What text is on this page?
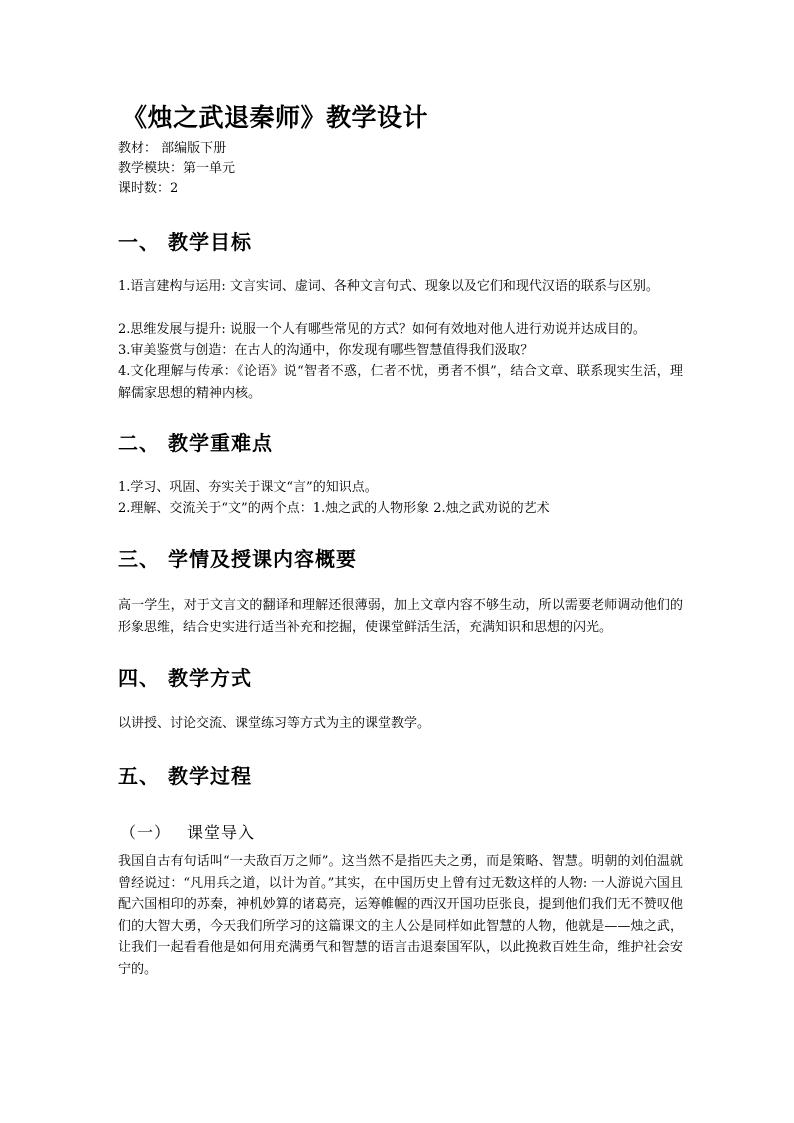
《烛之武退秦师》教学设计
教材： 部编版下册
教学模块：第一单元
课时数：2
一、 教学目标
1.语言建构与运用: 文言实词、虚词、各种文言句式、现象以及它们和现代汉语的联系与区别。
2.思维发展与提升: 说服一个人有哪些常见的方式？如何有效地对他人进行劝说并达成目的。
3.审美鉴赏与创造：在古人的沟通中，你发现有哪些智慧值得我们汲取？
4.文化理解与传承：《论语》说“智者不惑，仁者不忧，勇者不惧”，结合文章、联系现实生活，理解儒家思想的精神内核。
二、 教学重难点
1.学习、巩固、夯实关于课文“言”的知识点。
2.理解、交流关于“文”的两个点：1.烛之武的人物形象 2.烛之武劝说的艺术
三、 学情及授课内容概要
高一学生，对于文言文的翻译和理解还很薄弱，加上文章内容不够生动，所以需要老师调动他们的形象思维，结合史实进行适当补充和挖掘，使课堂鲜活生活，充满知识和思想的闪光。
四、 教学方式
以讲授、讨论交流、课堂练习等方式为主的课堂教学。
五、 教学过程
（一） 课堂导入
我国自古有句话叫“一夫敌百万之师”。这当然不是指匹夫之勇，而是策略、智慧。明朝的刘伯温就曾经说过：“凡用兵之道，以计为首。”其实，在中国历史上曾有过无数这样的人物: 一人游说六国且配六国相印的苏秦，神机妙算的诸葛亮，运筹帷幄的西汉开国功臣张良，提到他们我们无不赞叹他们的大智大勇，今天我们所学习的这篇课文的主人公是同样如此智慧的人物，他就是——烛之武，让我们一起看看他是如何用充满勇气和智慧的语言击退秦国军队，以此挽救百姓生命，维护社会安宁的。
